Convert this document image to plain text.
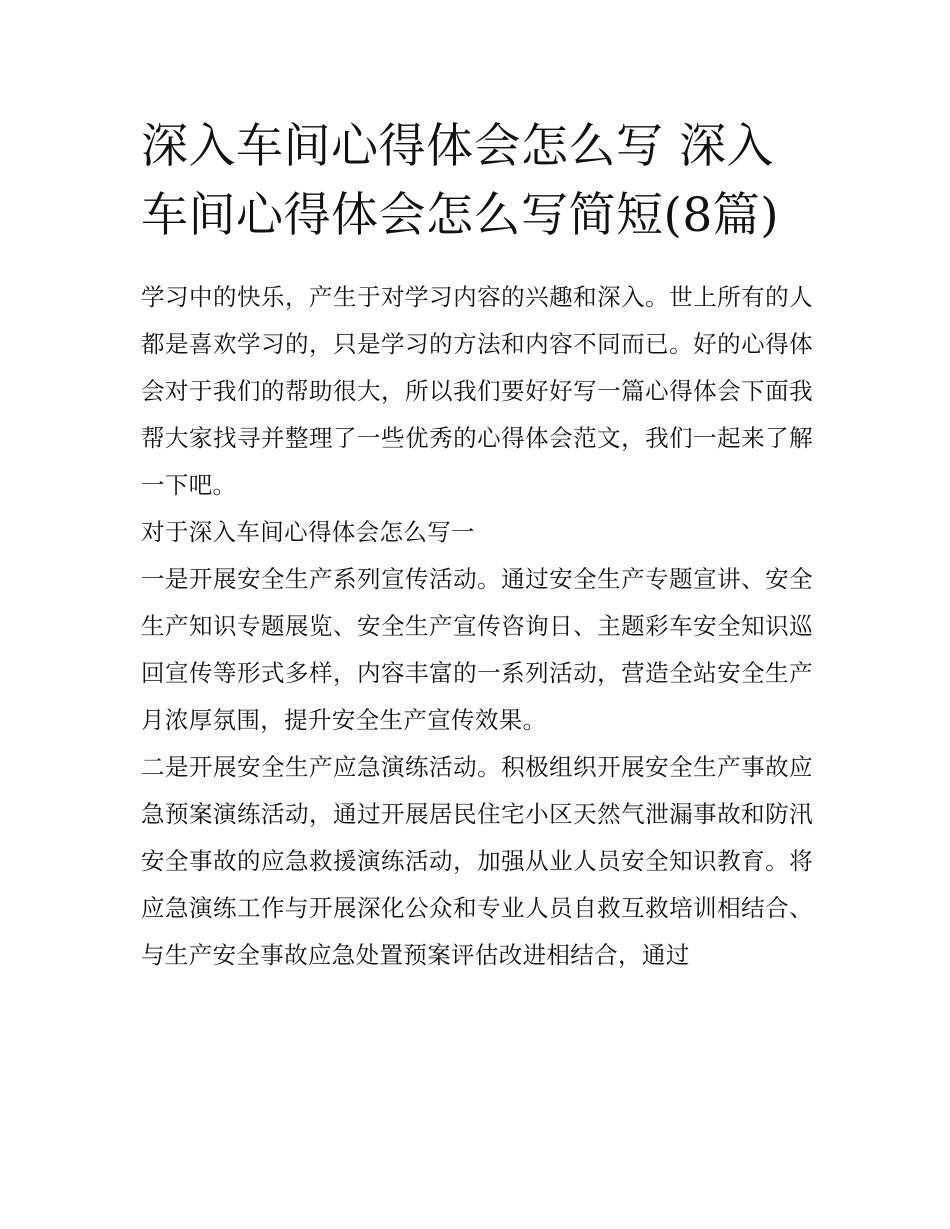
深入车间心得体会怎么写 深入车间心得体会怎么写简短(8篇)

学习中的快乐，产生于对学习内容的兴趣和深入。世上所有的人都是喜欢学习的，只是学习的方法和内容不同而已。好的心得体会对于我们的帮助很大，所以我们要好好写一篇心得体会下面我帮大家找寻并整理了一些优秀的心得体会范文，我们一起来了解一下吧。

对于深入车间心得体会怎么写一

一是开展安全生产系列宣传活动。通过安全生产专题宣讲、安全生产知识专题展览、安全生产宣传咨询日、主题彩车安全知识巡回宣传等形式多样，内容丰富的一系列活动，营造全站安全生产月浓厚氛围，提升安全生产宣传效果。

二是开展安全生产应急演练活动。积极组织开展安全生产事故应急预案演练活动，通过开展居民住宅小区天然气泄漏事故和防汛安全事故的应急救援演练活动，加强从业人员安全知识教育。将应急演练工作与开展深化公众和专业人员自救互救培训相结合、与生产安全事故应急处置预案评估改进相结合，通过
